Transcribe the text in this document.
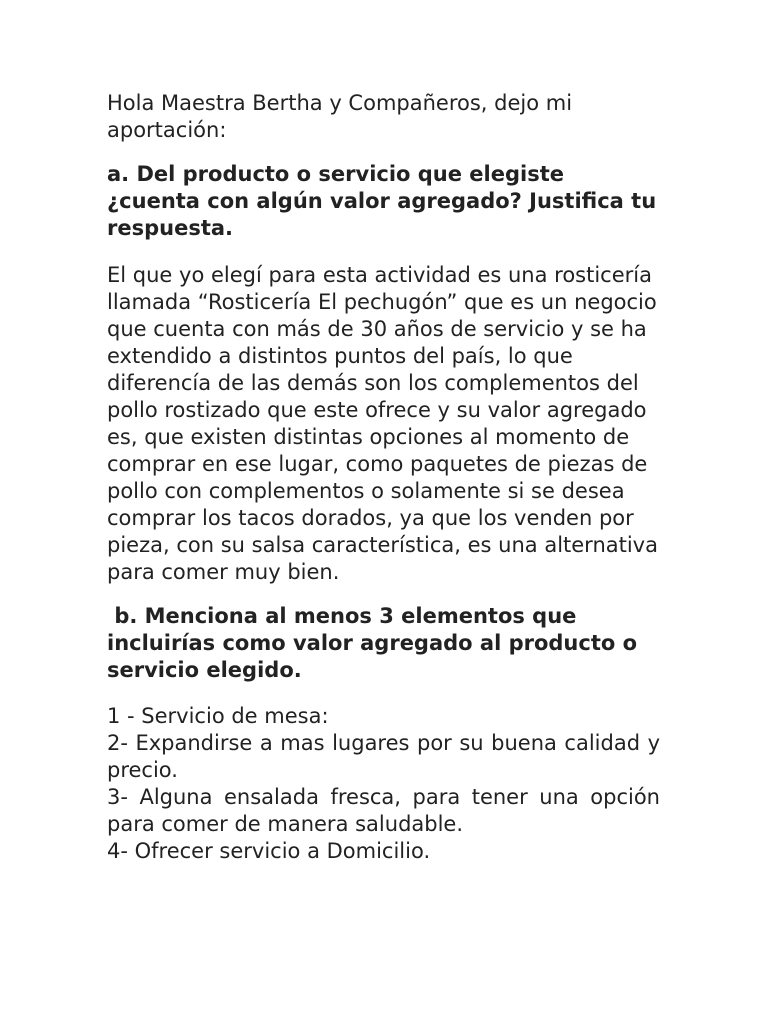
Hola Maestra Bertha y Compañeros, dejo mi aportación:

a. Del producto o servicio que elegiste ¿cuenta con algún valor agregado? Justifica tu respuesta.

El que yo elegí para esta actividad es una rosticería llamada “Rosticería El pechugón” que es un negocio que cuenta con más de 30 años de servicio y se ha extendido a distintos puntos del país, lo que diferencía de las demás son los complementos del pollo rostizado que este ofrece y su valor agregado es, que existen distintas opciones al momento de comprar en ese lugar, como paquetes de piezas de pollo con complementos o solamente si se desea comprar los tacos dorados, ya que los venden por pieza, con su salsa característica, es una alternativa para comer muy bien.

b. Menciona al menos 3 elementos que incluirías como valor agregado al producto o servicio elegido.

1 - Servicio de mesa:
2- Expandirse a mas lugares por su buena calidad y precio.
3- Alguna ensalada fresca, para tener una opción para comer de manera saludable.
4- Ofrecer servicio a Domicilio.
